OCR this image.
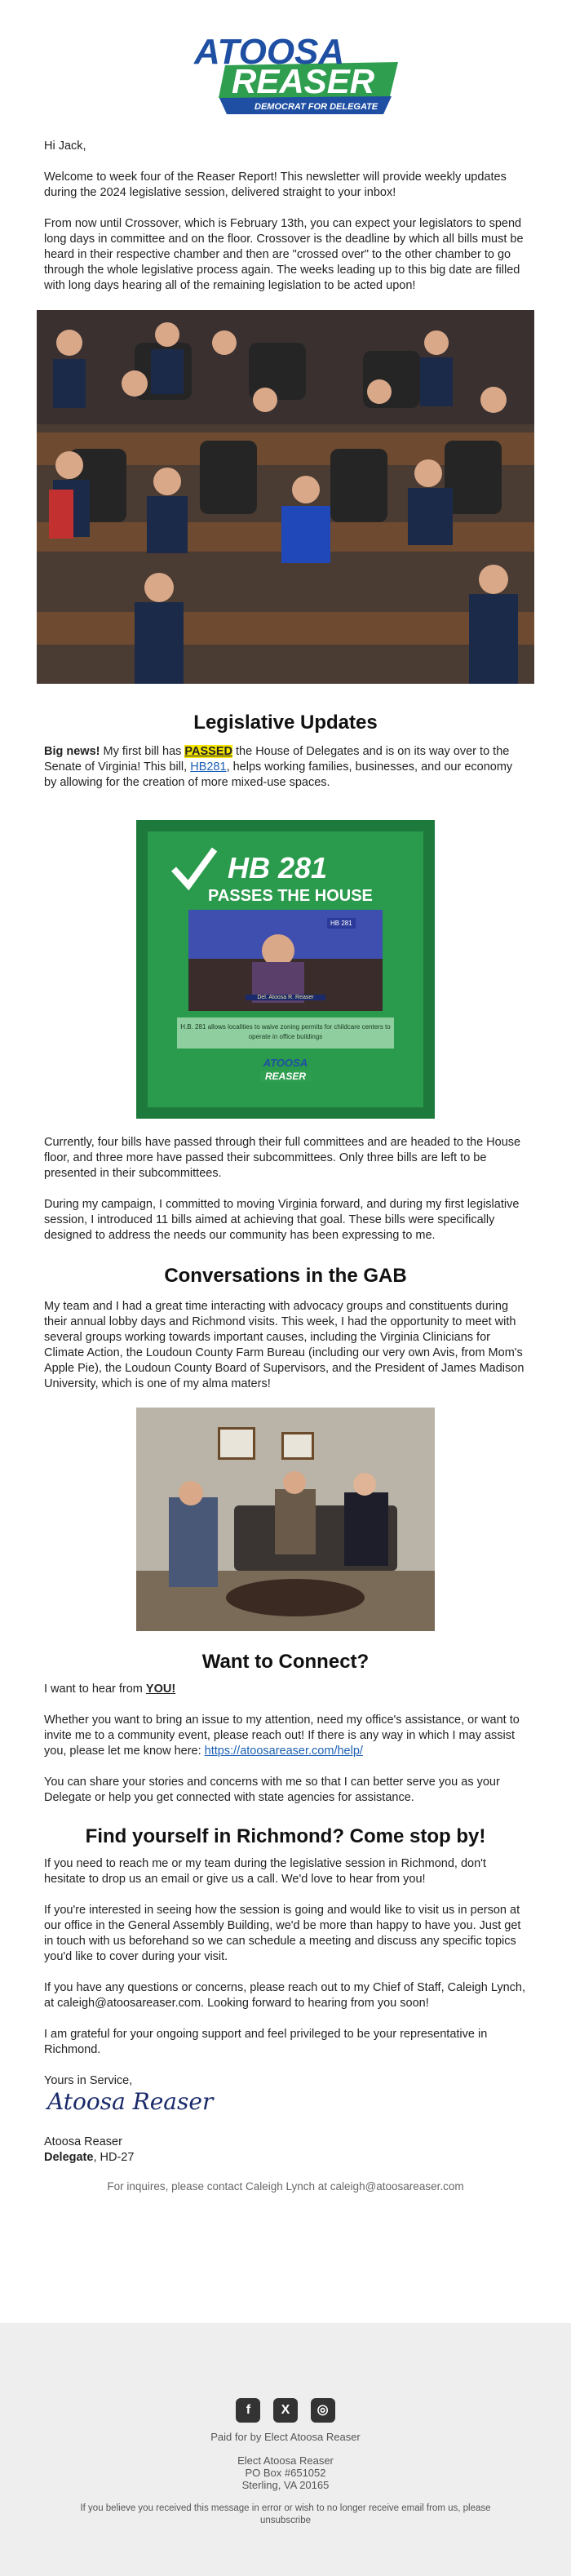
ATOOSA
REASER
DEMOCRAT FOR DELEGATE

Hi Jack,

Welcome to week four of the Reaser Report! This newsletter will provide weekly updates during the 2024 legislative session, delivered straight to your inbox!

From now until Crossover, which is February 13th, you can expect your legislators to spend long days in committee and on the floor. Crossover is the deadline by which all bills must be heard in their respective chamber and then are "crossed over" to the other chamber to go through the whole legislative process again. The weeks leading up to this big date are filled with long days hearing all of the remaining legislation to be acted upon!

Legislative Updates

Big news! My first bill has PASSED the House of Delegates and is on its way over to the Senate of Virginia! This bill, HB281, helps working families, businesses, and our economy by allowing for the creation of more mixed-use spaces.

HB 281
PASSES THE HOUSE
HB 281
Del. Atoosa R. Reaser
H.B. 281 allows localities to waive zoning permits for childcare centers to operate in office buildings
ATOOSA
REASER

Currently, four bills have passed through their full committees and are headed to the House floor, and three more have passed their subcommittees. Only three bills are left to be presented in their subcommittees.

During my campaign, I committed to moving Virginia forward, and during my first legislative session, I introduced 11 bills aimed at achieving that goal. These bills were specifically designed to address the needs our community has been expressing to me.

Conversations in the GAB

My team and I had a great time interacting with advocacy groups and constituents during their annual lobby days and Richmond visits. This week, I had the opportunity to meet with several groups working towards important causes, including the Virginia Clinicians for Climate Action, the Loudoun County Farm Bureau (including our very own Avis, from Mom's Apple Pie), the Loudoun County Board of Supervisors, and the President of James Madison University, which is one of my alma maters!

Want to Connect?

I want to hear from YOU!

Whether you want to bring an issue to my attention, need my office's assistance, or want to invite me to a community event, please reach out! If there is any way in which I may assist you, please let me know here: https://atoosareaser.com/help/

You can share your stories and concerns with me so that I can better serve you as your Delegate or help you get connected with state agencies for assistance.

Find yourself in Richmond? Come stop by!

If you need to reach me or my team during the legislative session in Richmond, don't hesitate to drop us an email or give us a call. We'd love to hear from you!

If you're interested in seeing how the session is going and would like to visit us in person at our office in the General Assembly Building, we'd be more than happy to have you. Just get in touch with us beforehand so we can schedule a meeting and discuss any specific topics you'd like to cover during your visit.

If you have any questions or concerns, please reach out to my Chief of Staff, Caleigh Lynch, at caleigh@atoosareaser.com. Looking forward to hearing from you soon!

I am grateful for your ongoing support and feel privileged to be your representative in Richmond.

Yours in Service,

Atoosa Reaser
Atoosa Reaser
Delegate, HD-27
For inquires, please contact Caleigh Lynch at caleigh@atoosareaser.com
f X ◎
Paid for by Elect Atoosa Reaser
Elect Atoosa Reaser
PO Box #651052
Sterling, VA 20165
If you believe you received this message in error or wish to no longer receive email from us, please unsubscribe
